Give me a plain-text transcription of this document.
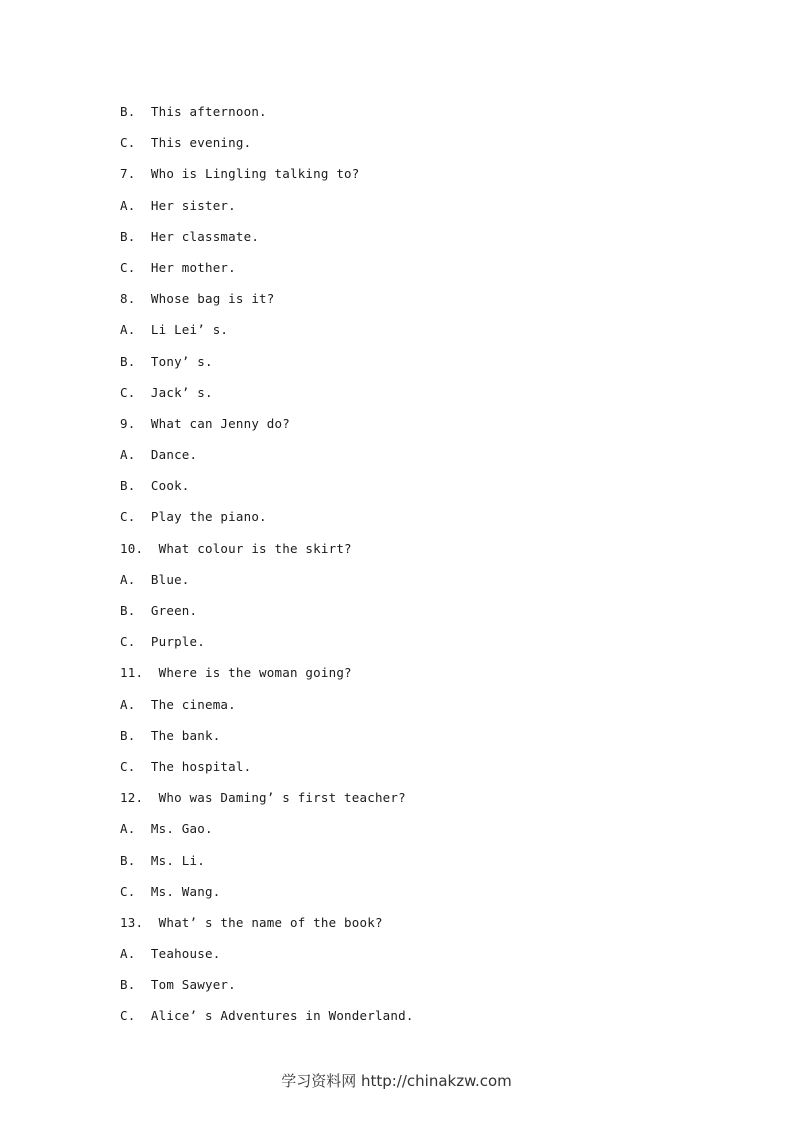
B.  This afternoon.
C.  This evening.
7.  Who is Lingling talking to?
A.  Her sister.
B.  Her classmate.
C.  Her mother.
8.  Whose bag is it?
A.  Li Lei’ s.
B.  Tony’ s.
C.  Jack’ s.
9.  What can Jenny do?
A.  Dance.
B.  Cook.
C.  Play the piano.
10.  What colour is the skirt?
A.  Blue.
B.  Green.
C.  Purple.
11.  Where is the woman going?
A.  The cinema.
B.  The bank.
C.  The hospital.
12.  Who was Daming’ s first teacher?
A.  Ms. Gao.
B.  Ms. Li.
C.  Ms. Wang.
13.  What’ s the name of the book?
A.  Teahouse.
B.  Tom Sawyer.
C.  Alice’ s Adventures in Wonderland.
学习资料网 http://chinakzw.com
